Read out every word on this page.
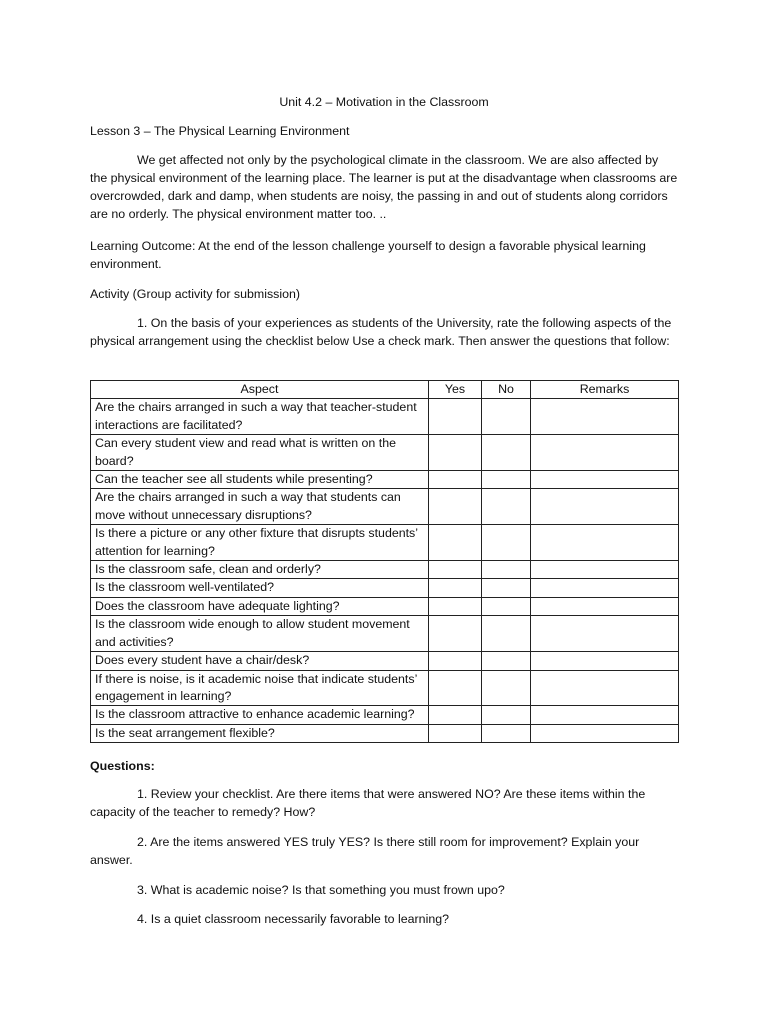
Unit 4.2 – Motivation in the Classroom

Lesson 3 – The Physical Learning Environment

We get affected not only by the psychological climate in the classroom. We are also affected by the physical environment of the learning place. The learner is put at the disadvantage when classrooms are overcrowded, dark and damp, when students are noisy, the passing in and out of students along corridors are no orderly. The physical environment matter too. ..

Learning Outcome: At the end of the lesson challenge yourself to design a favorable physical learning environment.

Activity (Group activity for submission)

1. On the basis of your experiences as students of the University, rate the following aspects of the physical arrangement using the checklist below Use a check mark. Then answer the questions that follow:

Aspect	Yes	No	Remarks
Are the chairs arranged in such a way that teacher-student interactions are facilitated?			
Can every student view and read what is written on the board?			
Can the teacher see all students while presenting?			
Are the chairs arranged in such a way that students can move without unnecessary disruptions?			
Is there a picture or any other fixture that disrupts students’ attention for learning?			
Is the classroom safe, clean and orderly?			
Is the classroom well-ventilated?			
Does the classroom have adequate lighting?			
Is the classroom wide enough to allow student movement and activities?			
Does every student have a chair/desk?			
If there is noise, is it academic noise that indicate students’ engagement in learning?			
Is the classroom attractive to enhance academic learning?			
Is the seat arrangement flexible?			
Questions:

1. Review your checklist. Are there items that were answered NO? Are these items within the capacity of the teacher to remedy? How?

2. Are the items answered YES truly YES? Is there still room for improvement? Explain your answer.

3. What is academic noise? Is that something you must frown upo?

4. Is a quiet classroom necessarily favorable to learning?
